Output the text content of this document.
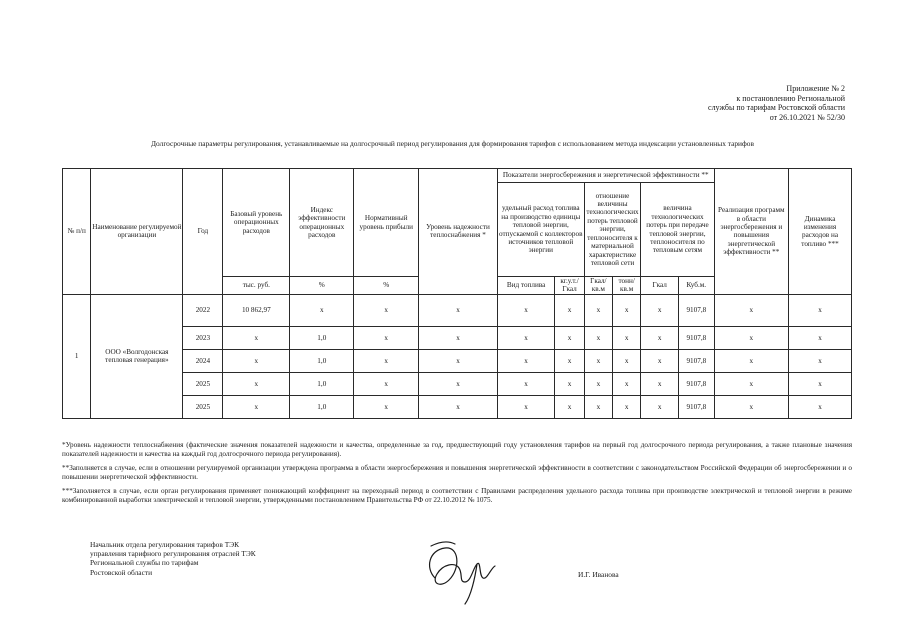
Приложение № 2
к постановлению Региональной
службы по тарифам Ростовской области
от 26.10.2021 № 52/30
Долгосрочные параметры регулирования, устанавливаемые на долгосрочный период регулирования для формирования тарифов с использованием метода индексации установленных тарифов
№ п/п	Наименование регулируемой организации	Год	Базовый уровень операционных расходов	Индекс эффективности операционных расходов	Нормативный уровень прибыли	Уровень надежности теплоснабжения *	Показатели энергосбережения и энергетической эффективности **						Реализация программ в области энергосбережения и повышения энергетической эффективности **	Динамика изменения расходов на топливо ***
							удельный расход топлива на производство единицы тепловой энергии, отпускаемой с коллекторов источников тепловой энергии		отношение величины технологических потерь тепловой энергии, теплоносителя к материальной характеристике тепловой сети		величина технологических потерь при передаче тепловой энергии, теплоносителя по тепловым сетям			
			тыс. руб.	%	%		Вид топлива	кг.у.т./Гкал	Гкал/кв.м	тонн/кв.м	Гкал	Куб.м.		
1	ООО «Волгодонская тепловая генерация»	2022	10 862,97	х	х	х	х	х	х	х	х	9107,8	х	х
		2023	х	1,0	х	х	х	х	х	х	х	9107,8	х	х
		2024	х	1,0	х	х	х	х	х	х	х	9107,8	х	х
		2025	х	1,0	х	х	х	х	х	х	х	9107,8	х	х
		2025	х	1,0	х	х	х	х	х	х	х	9107,8	х	х

*Уровень надежности теплоснабжения (фактические значения показателей надежности и качества, определенные за год, предшествующий году установления тарифов на первый год долгосрочного периода регулирования, а также плановые значения показателей надежности и качества на каждый год долгосрочного периода регулирования).

**Заполняется в случае, если в отношении регулируемой организации утверждена программа в области энергосбережения и повышения энергетической эффективности в соответствии с законодательством Российской Федерации об энергосбережении и о повышении энергетической эффективности.

***Заполняется в случае, если орган регулирования применяет понижающий коэффициент на переходный период в соответствии с Правилами распределения удельного расхода топлива при производстве электрической и тепловой энергии в режиме комбинированной выработки электрической и тепловой энергии, утвержденными постановлением Правительства РФ от 22.10.2012 № 1075.

Начальник отдела регулирования тарифов ТЭК
управления тарифного регулирования отраслей ТЭК
Региональной службы по тарифам
Ростовской области	И.Г. Иванова
